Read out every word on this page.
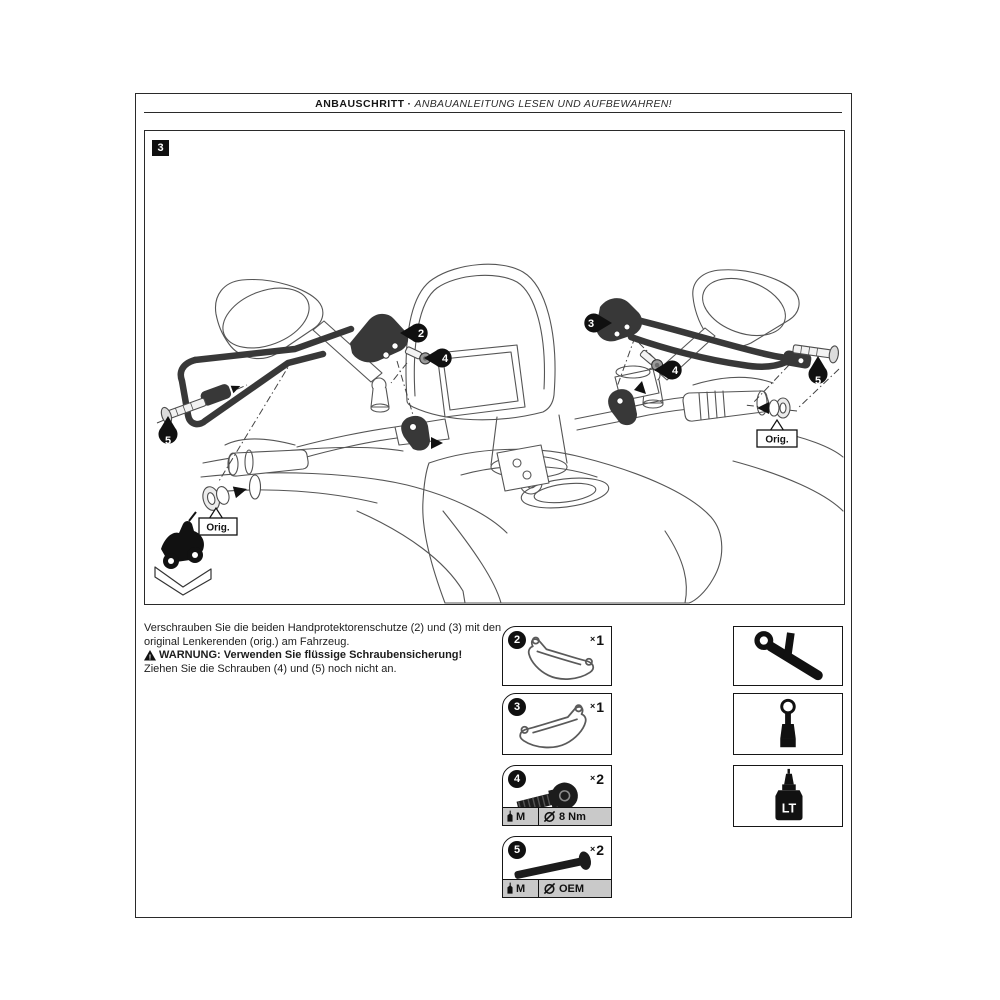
ANBAUSCHRITT · ANBAUANLEITUNG LESEN UND AUFBEWAHREN!
3
Orig.
Orig.
2
4
3
4
5
5
Verschrauben Sie die beiden Handprotektorenschutze (2) und (3) mit den
original Lenkerenden (orig.) am Fahrzeug.
! WARNUNG: Verwenden Sie flüssige Schraubensicherung!
Ziehen Sie die Schrauben (4) und (5) noch nicht an.
2	×1
3	×1
4	×2
M	8 Nm
5	×2
M	OEM
LT
